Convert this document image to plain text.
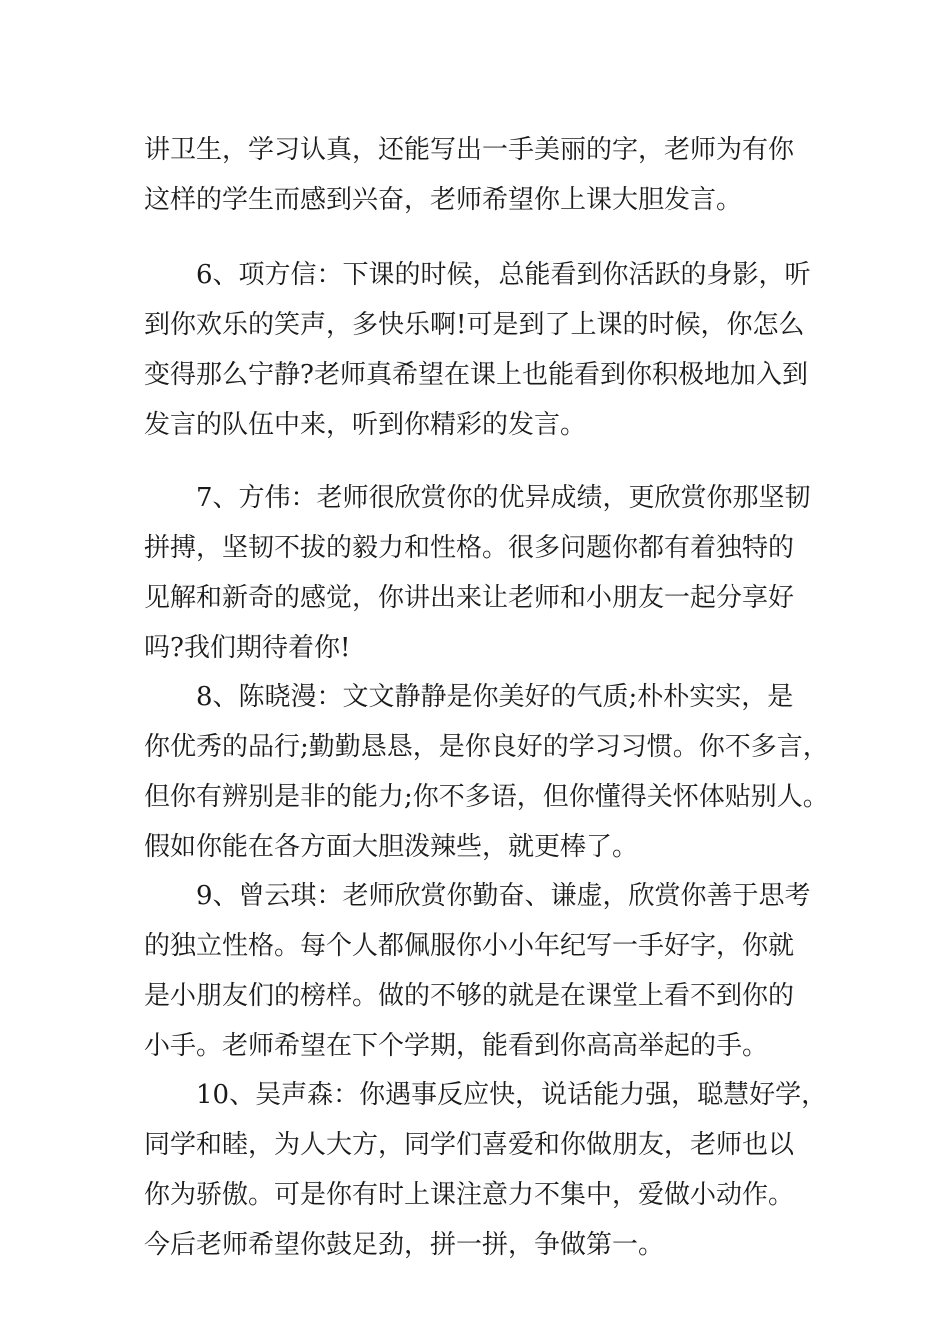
讲卫生，学习认真，还能写出一手美丽的字，老师为有你
这样的学生而感到兴奋，老师希望你上课大胆发言。
6、项方信：下课的时候，总能看到你活跃的身影，听
到你欢乐的笑声，多快乐啊!可是到了上课的时候，你怎么
变得那么宁静?老师真希望在课上也能看到你积极地加入到
发言的队伍中来，听到你精彩的发言。
7、方伟：老师很欣赏你的优异成绩，更欣赏你那坚韧
拼搏，坚韧不拔的毅力和性格。很多问题你都有着独特的
见解和新奇的感觉，你讲出来让老师和小朋友一起分享好
吗?我们期待着你!
8、陈晓漫：文文静静是你美好的气质;朴朴实实，是
你优秀的品行;勤勤恳恳，是你良好的学习习惯。你不多言，
但你有辨别是非的能力;你不多语，但你懂得关怀体贴别人。
假如你能在各方面大胆泼辣些，就更棒了。
9、曾云琪：老师欣赏你勤奋、谦虚，欣赏你善于思考
的独立性格。每个人都佩服你小小年纪写一手好字，你就
是小朋友们的榜样。做的不够的就是在课堂上看不到你的
小手。老师希望在下个学期，能看到你高高举起的手。
10、吴声森：你遇事反应快，说话能力强，聪慧好学，
同学和睦，为人大方，同学们喜爱和你做朋友，老师也以
你为骄傲。可是你有时上课注意力不集中，爱做小动作。
今后老师希望你鼓足劲，拼一拼，争做第一。
